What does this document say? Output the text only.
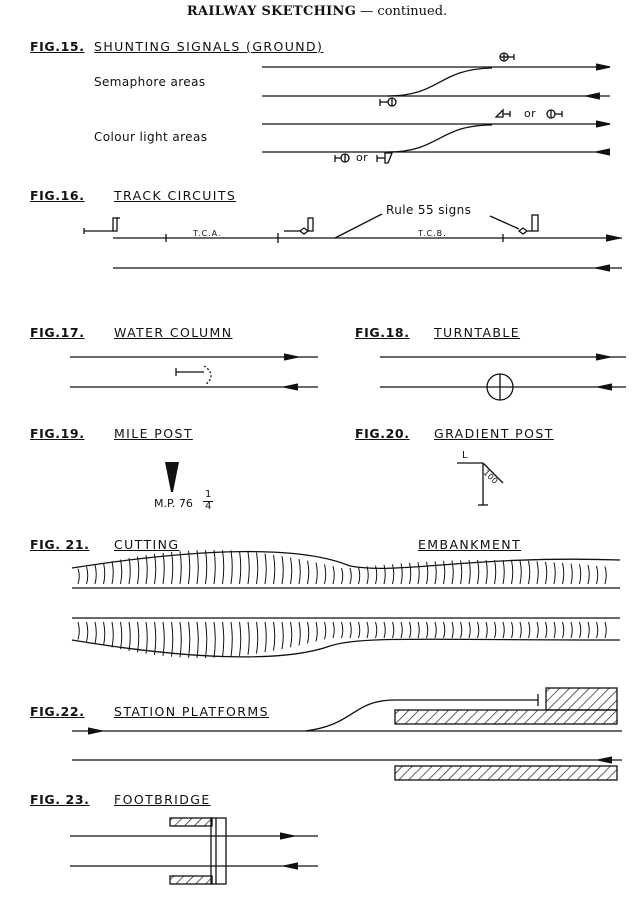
RAILWAY SKETCHING — continued.
FIG.15. SHUNTING SIGNALS (GROUND)
Semaphore areas
Colour light areas
or
or
FIG.16. TRACK CIRCUITS
Rule 55 signs
T.C.A.	T.C.B.
FIG.17. WATER COLUMN	FIG.18. TURNTABLE
FIG.19. MILE POST
M.P. 76
1
4
FIG.20. GRADIENT POST
L
100
FIG. 21. CUTTING	EMBANKMENT
FIG.22. STATION PLATFORMS
FIG. 23. FOOTBRIDGE
